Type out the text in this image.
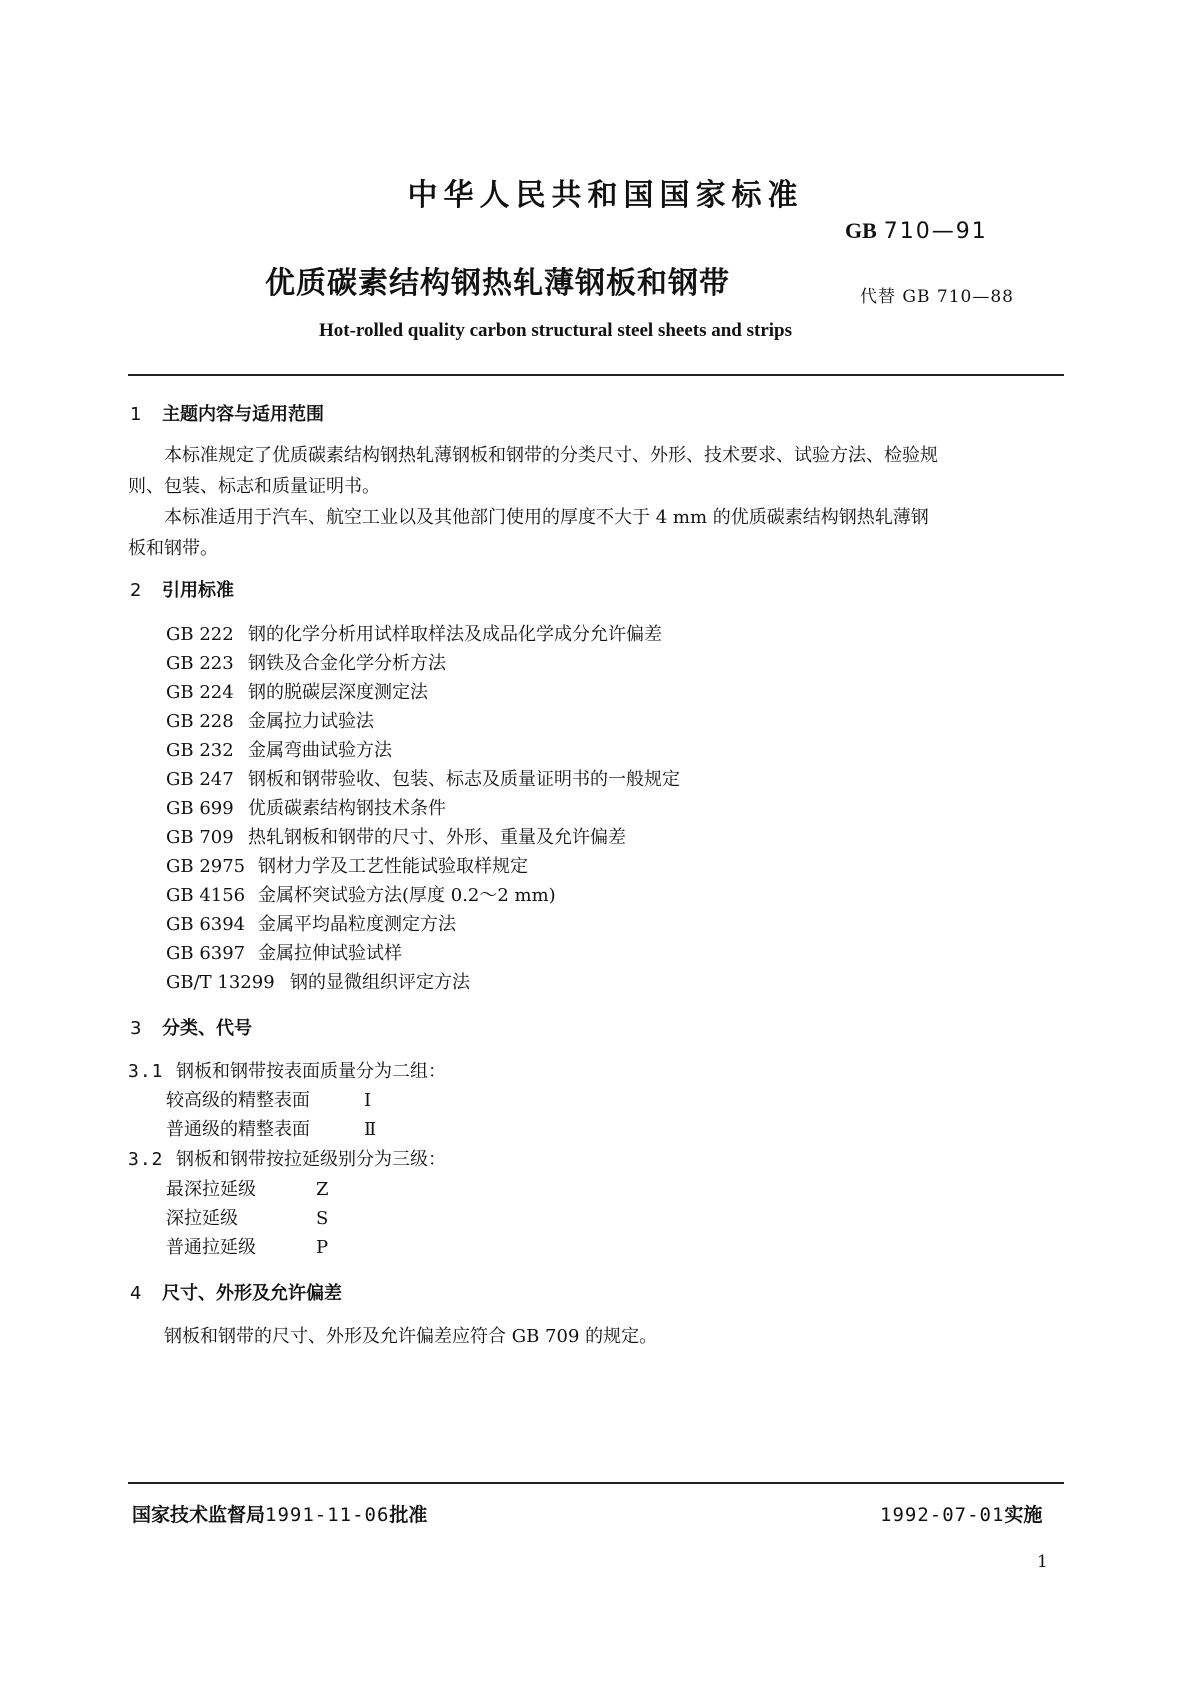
中华人民共和国国家标准
GB 710—91
优质碳素结构钢热轧薄钢板和钢带	代替 GB 710—88
Hot-rolled quality carbon structural steel sheets and strips
1 主题内容与适用范围
本标准规定了优质碳素结构钢热轧薄钢板和钢带的分类尺寸、外形、技术要求、试验方法、检验规
则、包装、标志和质量证明书。
本标准适用于汽车、航空工业以及其他部门使用的厚度不大于 4 mm 的优质碳素结构钢热轧薄钢
板和钢带。
2 引用标准
GB 222 钢的化学分析用试样取样法及成品化学成分允许偏差
GB 223 钢铁及合金化学分析方法
GB 224 钢的脱碳层深度测定法
GB 228 金属拉力试验法
GB 232 金属弯曲试验方法
GB 247 钢板和钢带验收、包装、标志及质量证明书的一般规定
GB 699 优质碳素结构钢技术条件
GB 709 热轧钢板和钢带的尺寸、外形、重量及允许偏差
GB 2975 钢材力学及工艺性能试验取样规定
GB 4156 金属杯突试验方法(厚度 0.2～2 mm)
GB 6394 金属平均晶粒度测定方法
GB 6397 金属拉伸试验试样
GB/T 13299 钢的显微组织评定方法
3 分类、代号
3.1 钢板和钢带按表面质量分为二组：
较高级的精整表面	I
普通级的精整表面	Ⅱ
3.2 钢板和钢带按拉延级别分为三级：
最深拉延级	Z
深拉延级	S
普通拉延级	P
4 尺寸、外形及允许偏差
钢板和钢带的尺寸、外形及允许偏差应符合 GB 709 的规定。
国家技术监督局1991-11-06批准	1992-07-01实施
1
